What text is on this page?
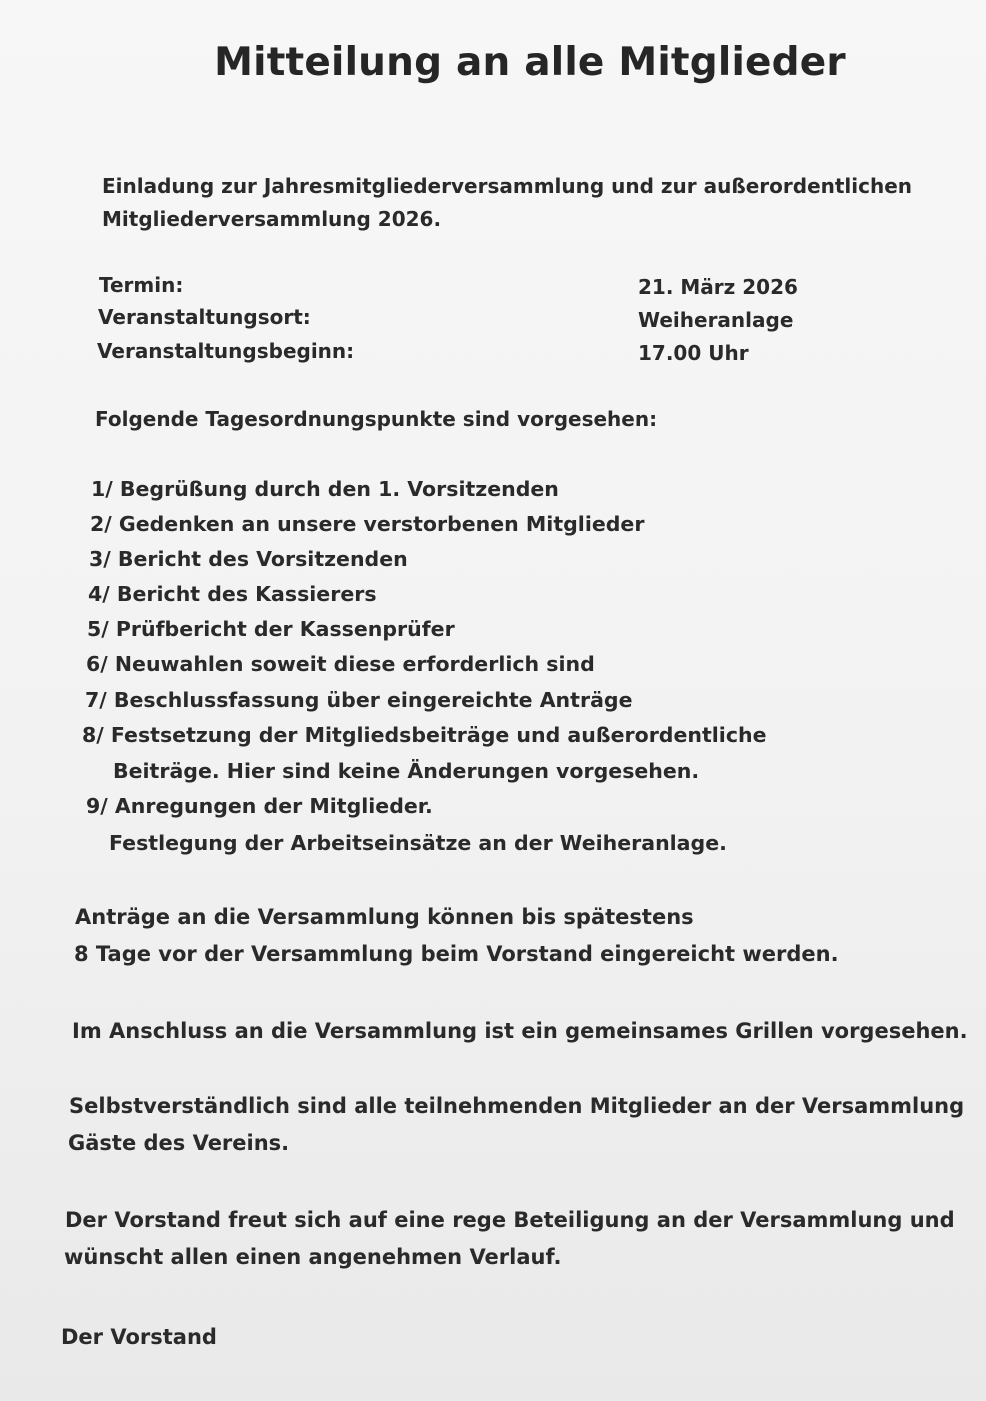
Mitteilung an alle Mitglieder
Einladung zur Jahresmitgliederversammlung und zur außerordentlichen
Mitgliederversammlung 2026.
Termin:	21. März 2026
Veranstaltungsort:	Weiheranlage
Veranstaltungsbeginn:	17.00 Uhr
Folgende Tagesordnungspunkte sind vorgesehen:
1/ Begrüßung durch den 1. Vorsitzenden
2/ Gedenken an unsere verstorbenen Mitglieder
3/ Bericht des Vorsitzenden
4/ Bericht des Kassierers
5/ Prüfbericht der Kassenprüfer
6/ Neuwahlen soweit diese erforderlich sind
7/ Beschlussfassung über eingereichte Anträge
8/ Festsetzung der Mitgliedsbeiträge und außerordentliche
Beiträge. Hier sind keine Änderungen vorgesehen.
9/ Anregungen der Mitglieder.
Festlegung der Arbeitseinsätze an der Weiheranlage.
Anträge an die Versammlung können bis spätestens
8 Tage vor der Versammlung beim Vorstand eingereicht werden.
Im Anschluss an die Versammlung ist ein gemeinsames Grillen vorgesehen.
Selbstverständlich sind alle teilnehmenden Mitglieder an der Versammlung
Gäste des Vereins.
Der Vorstand freut sich auf eine rege Beteiligung an der Versammlung und
wünscht allen einen angenehmen Verlauf.
Der Vorstand
